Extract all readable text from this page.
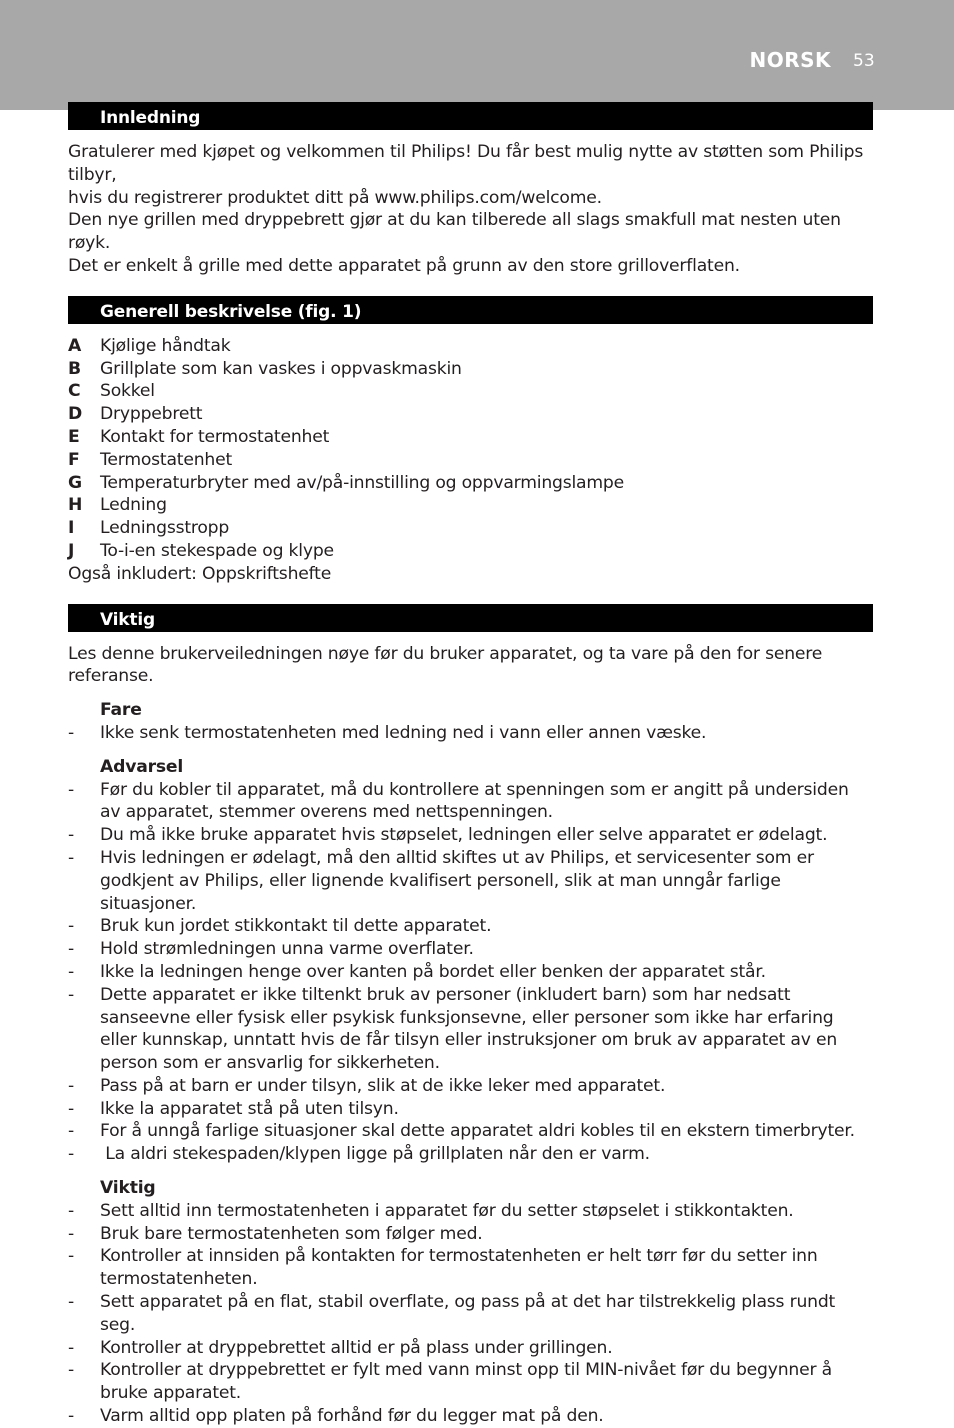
NORSK 53
Innledning

Gratulerer med kjøpet og velkommen til Philips! Du får best mulig nytte av støtten som Philips tilbyr,

hvis du registrerer produktet ditt på www.philips.com/welcome.

Den nye grillen med dryppebrett gjør at du kan tilberede all slags smakfull mat nesten uten røyk.

Det er enkelt å grille med dette apparatet på grunn av den store grilloverflaten.

Generell beskrivelse (fig. 1)
A	Kjølige håndtak
B	Grillplate som kan vaskes i oppvaskmaskin
C	Sokkel
D	Dryppebrett
E	Kontakt for termostatenhet
F	Termostatenhet
G	Temperaturbryter med av/på-innstilling og oppvarmingslampe
H	Ledning
I	Ledningsstropp
J	To-i-en stekespade og klype

Også inkludert: Oppskriftshefte

Viktig

Les denne brukerveiledningen nøye før du bruker apparatet, og ta vare på den for senere referanse.

Fare
-	Ikke senk termostatenheten med ledning ned i vann eller annen væske.
Advarsel
-	Før du kobler til apparatet, må du kontrollere at spenningen som er angitt på undersiden av apparatet, stemmer overens med nettspenningen.
-	Du må ikke bruke apparatet hvis støpselet, ledningen eller selve apparatet er ødelagt.
-	Hvis ledningen er ødelagt, må den alltid skiftes ut av Philips, et servicesenter som er godkjent av Philips, eller lignende kvalifisert personell, slik at man unngår farlige situasjoner.
-	Bruk kun jordet stikkontakt til dette apparatet.
-	Hold strømledningen unna varme overflater.
-	Ikke la ledningen henge over kanten på bordet eller benken der apparatet står.
-	Dette apparatet er ikke tiltenkt bruk av personer (inkludert barn) som har nedsatt sanseevne eller fysisk eller psykisk funksjonsevne, eller personer som ikke har erfaring eller kunnskap, unntatt hvis de får tilsyn eller instruksjoner om bruk av apparatet av en person som er ansvarlig for sikkerheten.
-	Pass på at barn er under tilsyn, slik at de ikke leker med apparatet.
-	Ikke la apparatet stå på uten tilsyn.
-	For å unngå farlige situasjoner skal dette apparatet aldri kobles til en ekstern timerbryter.
-	La aldri stekespaden/klypen ligge på grillplaten når den er varm.
Viktig
-	Sett alltid inn termostatenheten i apparatet før du setter støpselet i stikkontakten.
-	Bruk bare termostatenheten som følger med.
-	Kontroller at innsiden på kontakten for termostatenheten er helt tørr før du setter inn termostatenheten.
-	Sett apparatet på en flat, stabil overflate, og pass på at det har tilstrekkelig plass rundt seg.
-	Kontroller at dryppebrettet alltid er på plass under grillingen.
-	Kontroller at dryppebrettet er fylt med vann minst opp til MIN-nivået før du begynner å bruke apparatet.
-	Varm alltid opp platen på forhånd før du legger mat på den.
